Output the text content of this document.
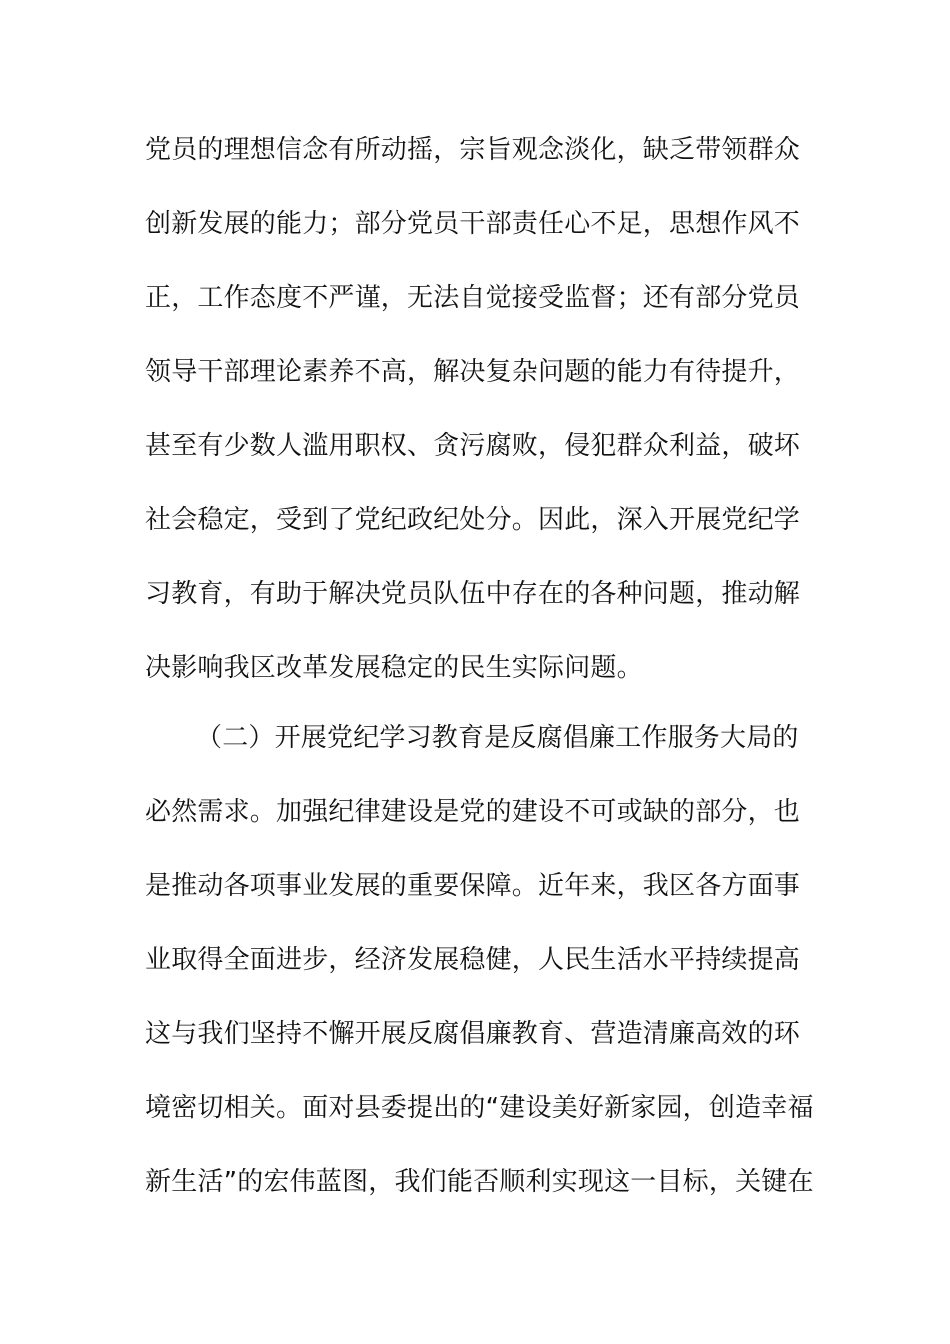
党员的理想信念有所动摇，宗旨观念淡化，缺乏带领群众
创新发展的能力；部分党员干部责任心不足，思想作风不
正，工作态度不严谨，无法自觉接受监督；还有部分党员
领导干部理论素养不高，解决复杂问题的能力有待提升，
甚至有少数人滥用职权、贪污腐败，侵犯群众利益，破坏
社会稳定，受到了党纪政纪处分。因此，深入开展党纪学
习教育，有助于解决党员队伍中存在的各种问题，推动解
决影响我区改革发展稳定的民生实际问题。
（二）开展党纪学习教育是反腐倡廉工作服务大局的
必然需求。加强纪律建设是党的建设不可或缺的部分，也
是推动各项事业发展的重要保障。近年来，我区各方面事
业取得全面进步，经济发展稳健，人民生活水平持续提高
这与我们坚持不懈开展反腐倡廉教育、营造清廉高效的环
境密切相关。面对县委提出的“建设美好新家园，创造幸福
新生活”的宏伟蓝图，我们能否顺利实现这一目标，关键在
